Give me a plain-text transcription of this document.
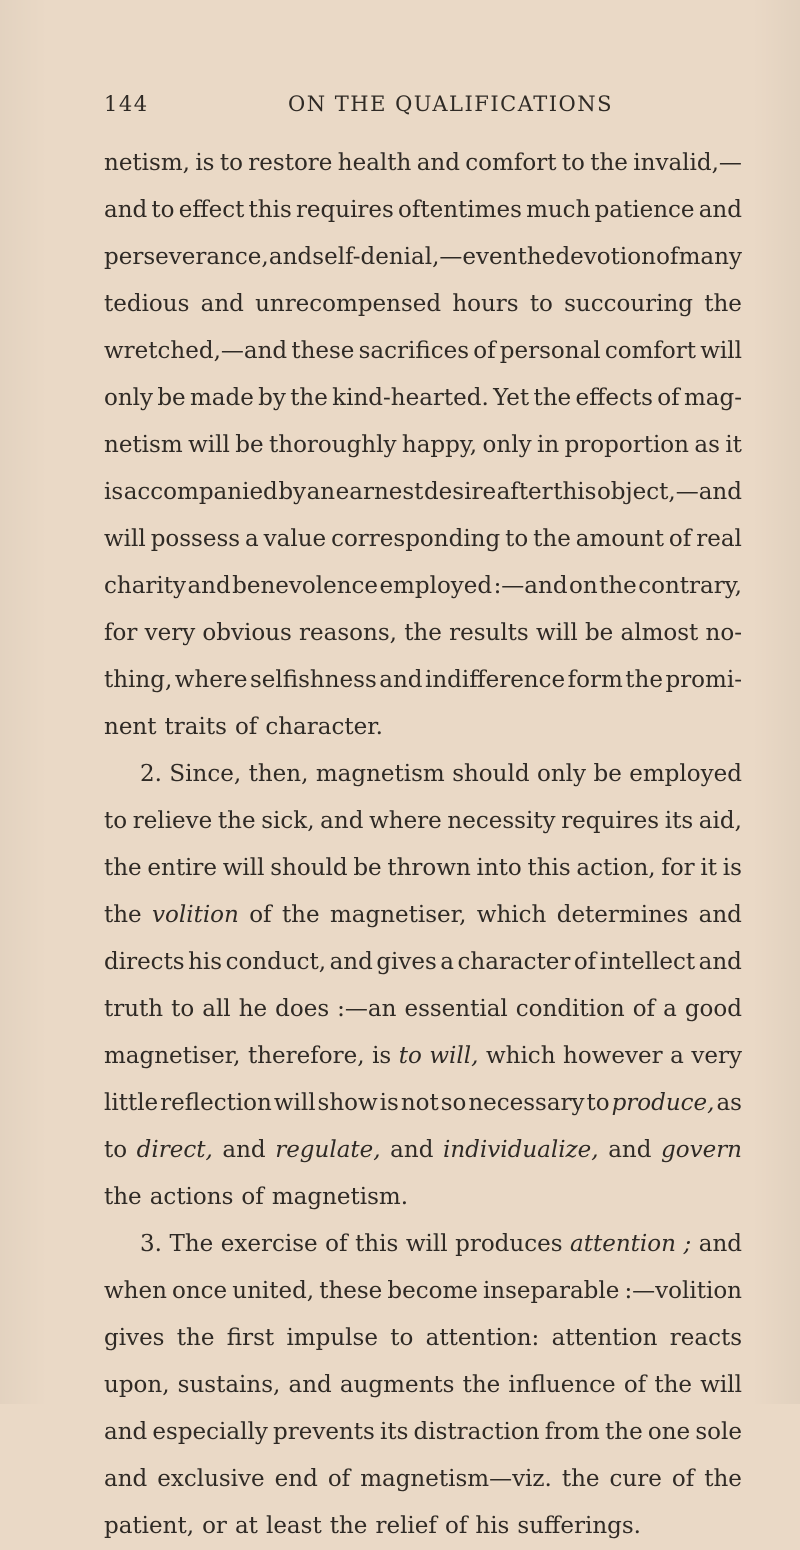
144	ON THE QUALIFICATIONS
netism, is to restore health and comfort to the invalid,—
and to effect this requires oftentimes much patience and
perseverance, and self-denial,—even the devotion of many
tedious and unrecompensed hours to succouring the
wretched,—and these sacrifices of personal comfort will
only be made by the kind-hearted. Yet the effects of mag-
netism will be thoroughly happy, only in proportion as it
is accompanied by an earnest desire after this object,—and
will possess a value corresponding to the amount of real
charity and benevolence employed :—and on the contrary,
for very obvious reasons, the results will be almost no-
thing, where selfishness and indifference form the promi-
nent traits of character.
2. Since, then, magnetism should only be employed
to relieve the sick, and where necessity requires its aid,
the entire will should be thrown into this action, for it is
the volition of the magnetiser, which determines and
directs his conduct, and gives a character of intellect and
truth to all he does :—an essential condition of a good
magnetiser, therefore, is to will, which however a very
little reflection will show is not so necessary to produce, as
to direct, and regulate, and individualize, and govern
the actions of magnetism.
3. The exercise of this will produces attention ; and
when once united, these become inseparable :—volition
gives the first impulse to attention: attention reacts
upon, sustains, and augments the influence of the will
and especially prevents its distraction from the one sole
and exclusive end of magnetism—viz. the cure of the
patient, or at least the relief of his sufferings.
